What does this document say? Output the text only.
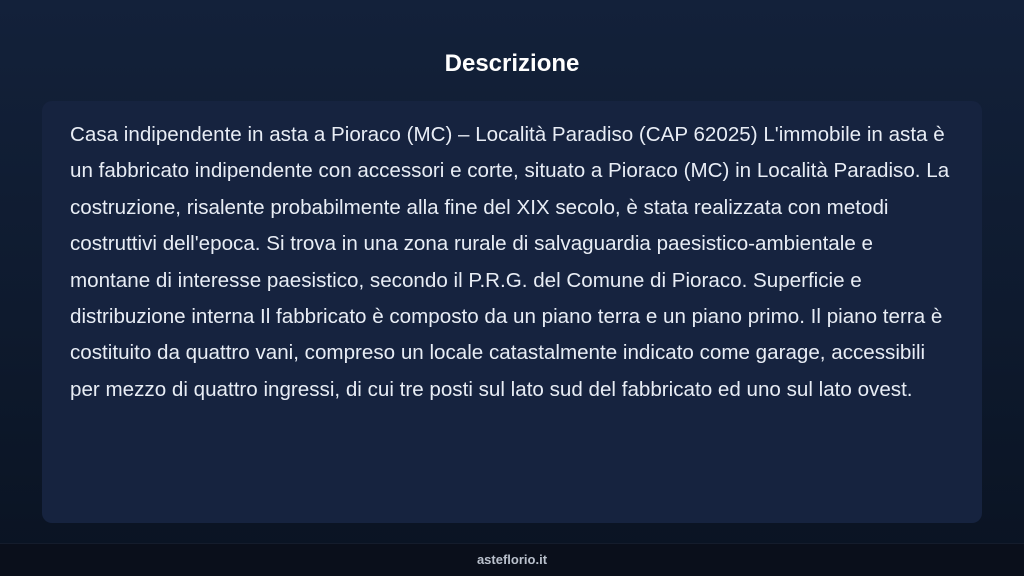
Descrizione

Casa indipendente in asta a Pioraco (MC) – Località Paradiso (CAP 62025) L'immobile in asta è un fabbricato indipendente con accessori e corte, situato a Pioraco (MC) in Località Paradiso. La costruzione, risalente probabilmente alla fine del XIX secolo, è stata realizzata con metodi costruttivi dell'epoca. Si trova in una zona rurale di salvaguardia paesistico-ambientale e montane di interesse paesistico, secondo il P.R.G. del Comune di Pioraco. Superficie e distribuzione interna Il fabbricato è composto da un piano terra e un piano primo. Il piano terra è costituito da quattro vani, compreso un locale catastalmente indicato come garage, accessibili per mezzo di quattro ingressi, di cui tre posti sul lato sud del fabbricato ed uno sul lato ovest.

asteflorio.it
